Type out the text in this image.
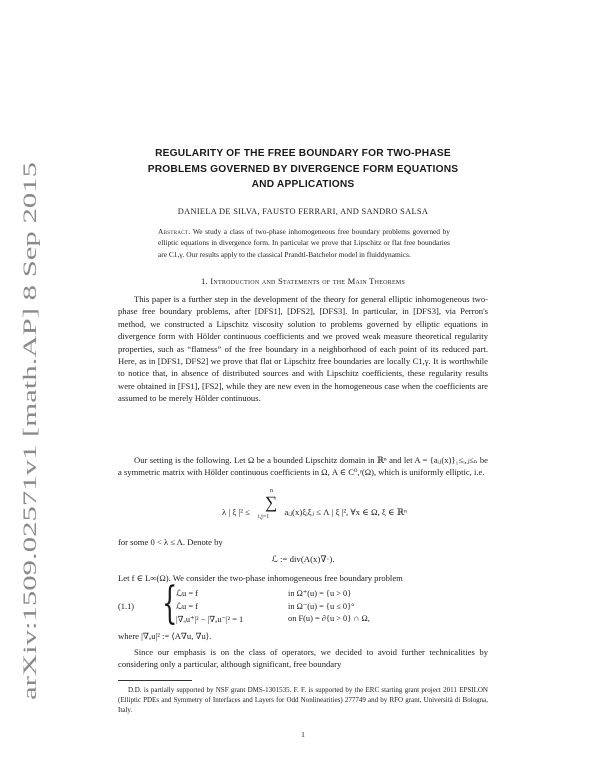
arXiv:1509.02571v1 [math.AP] 8 Sep 2015
REGULARITY OF THE FREE BOUNDARY FOR TWO-PHASE
PROBLEMS GOVERNED BY DIVERGENCE FORM EQUATIONS
AND APPLICATIONS
DANIELA DE SILVA, FAUSTO FERRARI, AND SANDRO SALSA
Abstract. We study a class of two-phase inhomogeneous free boundary problems governed by elliptic equations in divergence form. In particular we prove that Lipschitz or flat free boundaries are C1,γ. Our results apply to the classical Prandtl-Batchelor model in fluiddynamics.
1. Introduction and Statements of the Main Theorems

This paper is a further step in the development of the theory for general elliptic inhomogeneous two-phase free boundary problems, after [DFS1], [DFS2], [DFS3]. In particular, in [DFS3], via Perron's method, we constructed a Lipschitz viscosity solution to problems governed by elliptic equations in divergence form with Hölder continuous coefficients and we proved weak measure theoretical regularity properties, such as “flatness” of the free boundary in a neighborhood of each point of its reduced part. Here, as in [DFS1, DFS2] we prove that flat or Lipschitz free boundaries are locally C1,γ. It is worthwhile to notice that, in absence of distributed sources and with Lipschitz coefficients, these regularity results were obtained in [FS1], [FS2], while they are new even in the homogeneous case when the coefficients are assumed to be merely Hölder continuous.

Our setting is the following. Let Ω be a bounded Lipschitz domain in ℝⁿ and let A = {aᵢⱼ(x)}₁≤ᵢ,ⱼ≤ₙ be a symmetric matrix with Hölder continuous coefficients in Ω, A ∈ C⁰,ᵞ(Ω), which is uniformly elliptic, i.e.

λ | ξ |² ≤	aᵢⱼ(x)ξᵢξⱼ ≤ Λ | ξ |², ∀x ∈ Ω, ξ ∈ ℝⁿ
∑
n
i,j=1
for some 0 < λ ≤ Λ. Denote by
ℒ := div(A(x)∇·).
Let f ∈ L∞(Ω). We consider the two-phase inhomogeneous free boundary problem
(1.1) {
ℒu = f	in Ω⁺(u) = {u > 0}
ℒu = f	in Ω⁻(u) = {u ≤ 0}°
|∇ₐu⁺|² − |∇ₐu⁻|² = 1	on F(u) = ∂{u > 0} ∩ Ω,
where |∇ₐu|² := ⟨A∇u, ∇u⟩.

Since our emphasis is on the class of operators, we decided to avoid further technicalities by considering only a particular, although significant, free boundary

D.D. is partially supported by NSF grant DMS-1301535. F. F. is supported by the ERC starting grant project 2011 EPSILON (Elliptic PDEs and Symmetry of Interfaces and Layers for Odd Nonlinearities) 277749 and by RFO grant, Università di Bologna, Italy.

1
